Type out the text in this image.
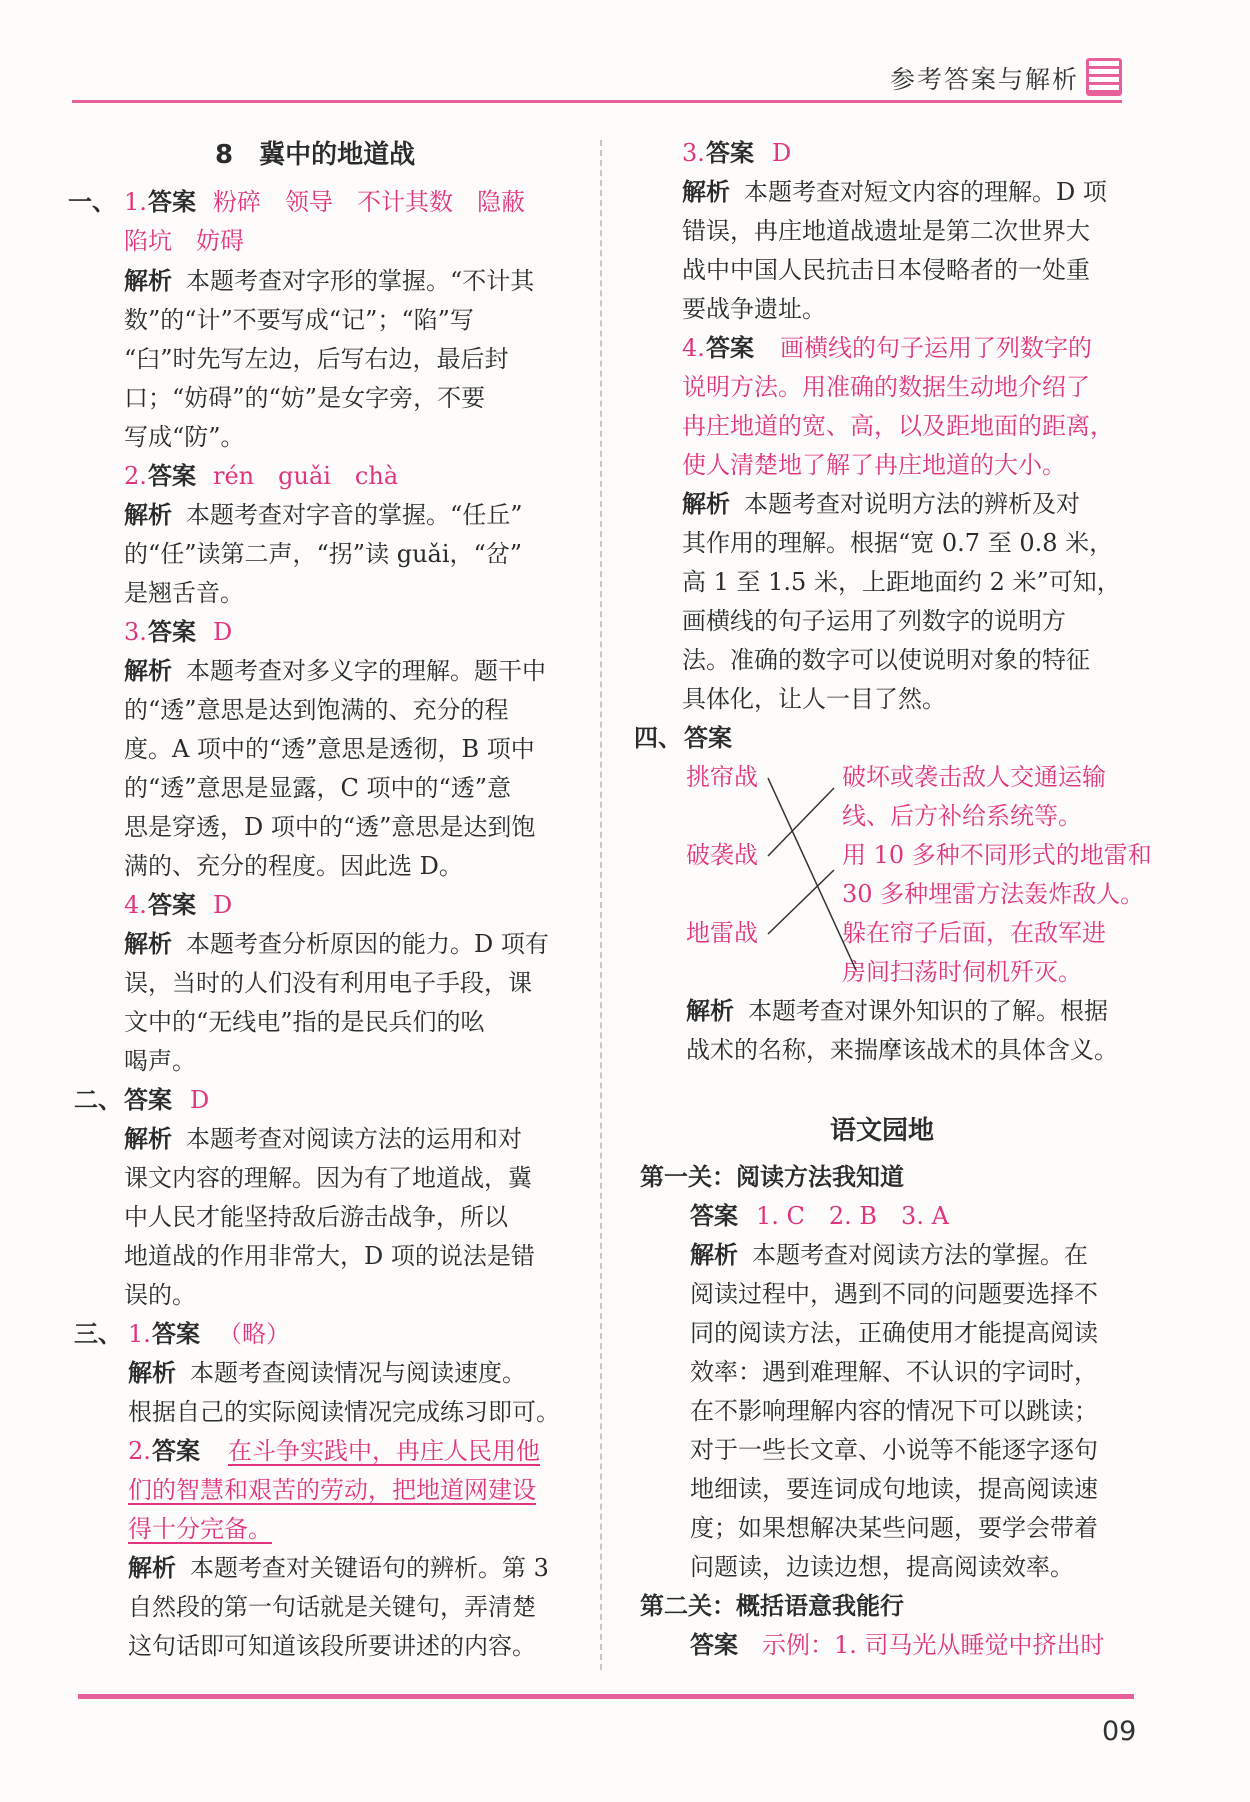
参考答案与解析
8　冀中的地道战
一、 1. 答案 粉碎　领导　不计其数　隐蔽
陷坑　妨碍
解析 本题考查对字形的掌握。“不计其
数”的“计”不要写成“记”；“陷”写
“臼”时先写左边，后写右边，最后封
口；“妨碍”的“妨”是女字旁，不要
写成“防”。
2. 答案 rén　guǎi　chà
解析 本题考查对字音的掌握。“任丘”
的“任”读第二声，“拐”读 guǎi，“岔”
是翘舌音。
3. 答案 D
解析 本题考查对多义字的理解。题干中
的“透”意思是达到饱满的、充分的程
度。A 项中的“透”意思是透彻，B 项中
的“透”意思是显露，C 项中的“透”意
思是穿透，D 项中的“透”意思是达到饱
满的、充分的程度。因此选 D。
4. 答案 D
解析 本题考查分析原因的能力。D 项有
误，当时的人们没有利用电子手段，课
文中的“无线电”指的是民兵们的吆
喝声。
二、 答案 D
解析 本题考查对阅读方法的运用和对
课文内容的理解。因为有了地道战，冀
中人民才能坚持敌后游击战争，所以
地道战的作用非常大，D 项的说法是错
误的。
三、 1. 答案 （略）
解析 本题考查阅读情况与阅读速度。
根据自己的实际阅读情况完成练习即可。
2. 答案 在斗争实践中，冉庄人民用他
们的智慧和艰苦的劳动，把地道网建设
得十分完备。
解析 本题考查对关键语句的辨析。第 3
自然段的第一句话就是关键句，弄清楚
这句话即可知道该段所要讲述的内容。
3. 答案 D
解析 本题考查对短文内容的理解。D 项
错误，冉庄地道战遗址是第二次世界大
战中中国人民抗击日本侵略者的一处重
要战争遗址。
4. 答案 画横线的句子运用了列数字的
说明方法。用准确的数据生动地介绍了
冉庄地道的宽、高，以及距地面的距离，
使人清楚地了解了冉庄地道的大小。
解析 本题考查对说明方法的辨析及对
其作用的理解。根据“宽 0.7 至 0.8 米，
高 1 至 1.5 米，上距地面约 2 米”可知，
画横线的句子运用了列数字的说明方
法。准确的数字可以使说明对象的特征
具体化，让人一目了然。
四、 答案
挑帘战
破袭战
地雷战
破坏或袭击敌人交通运输
线、后方补给系统等。
用 10 多种不同形式的地雷和
30 多种埋雷方法轰炸敌人。
躲在帘子后面，在敌军进
房间扫荡时伺机歼灭。
解析 本题考查对课外知识的了解。根据
战术的名称，来揣摩该战术的具体含义。
语文园地
第一关：阅读方法我知道
答案 1. C　2. B　3. A
解析 本题考查对阅读方法的掌握。在
阅读过程中，遇到不同的问题要选择不
同的阅读方法，正确使用才能提高阅读
效率：遇到难理解、不认识的字词时，
在不影响理解内容的情况下可以跳读；
对于一些长文章、小说等不能逐字逐句
地细读，要连词成句地读，提高阅读速
度；如果想解决某些问题，要学会带着
问题读，边读边想，提高阅读效率。
第二关：概括语意我能行
答案 示例：1. 司马光从睡觉中挤出时
09
